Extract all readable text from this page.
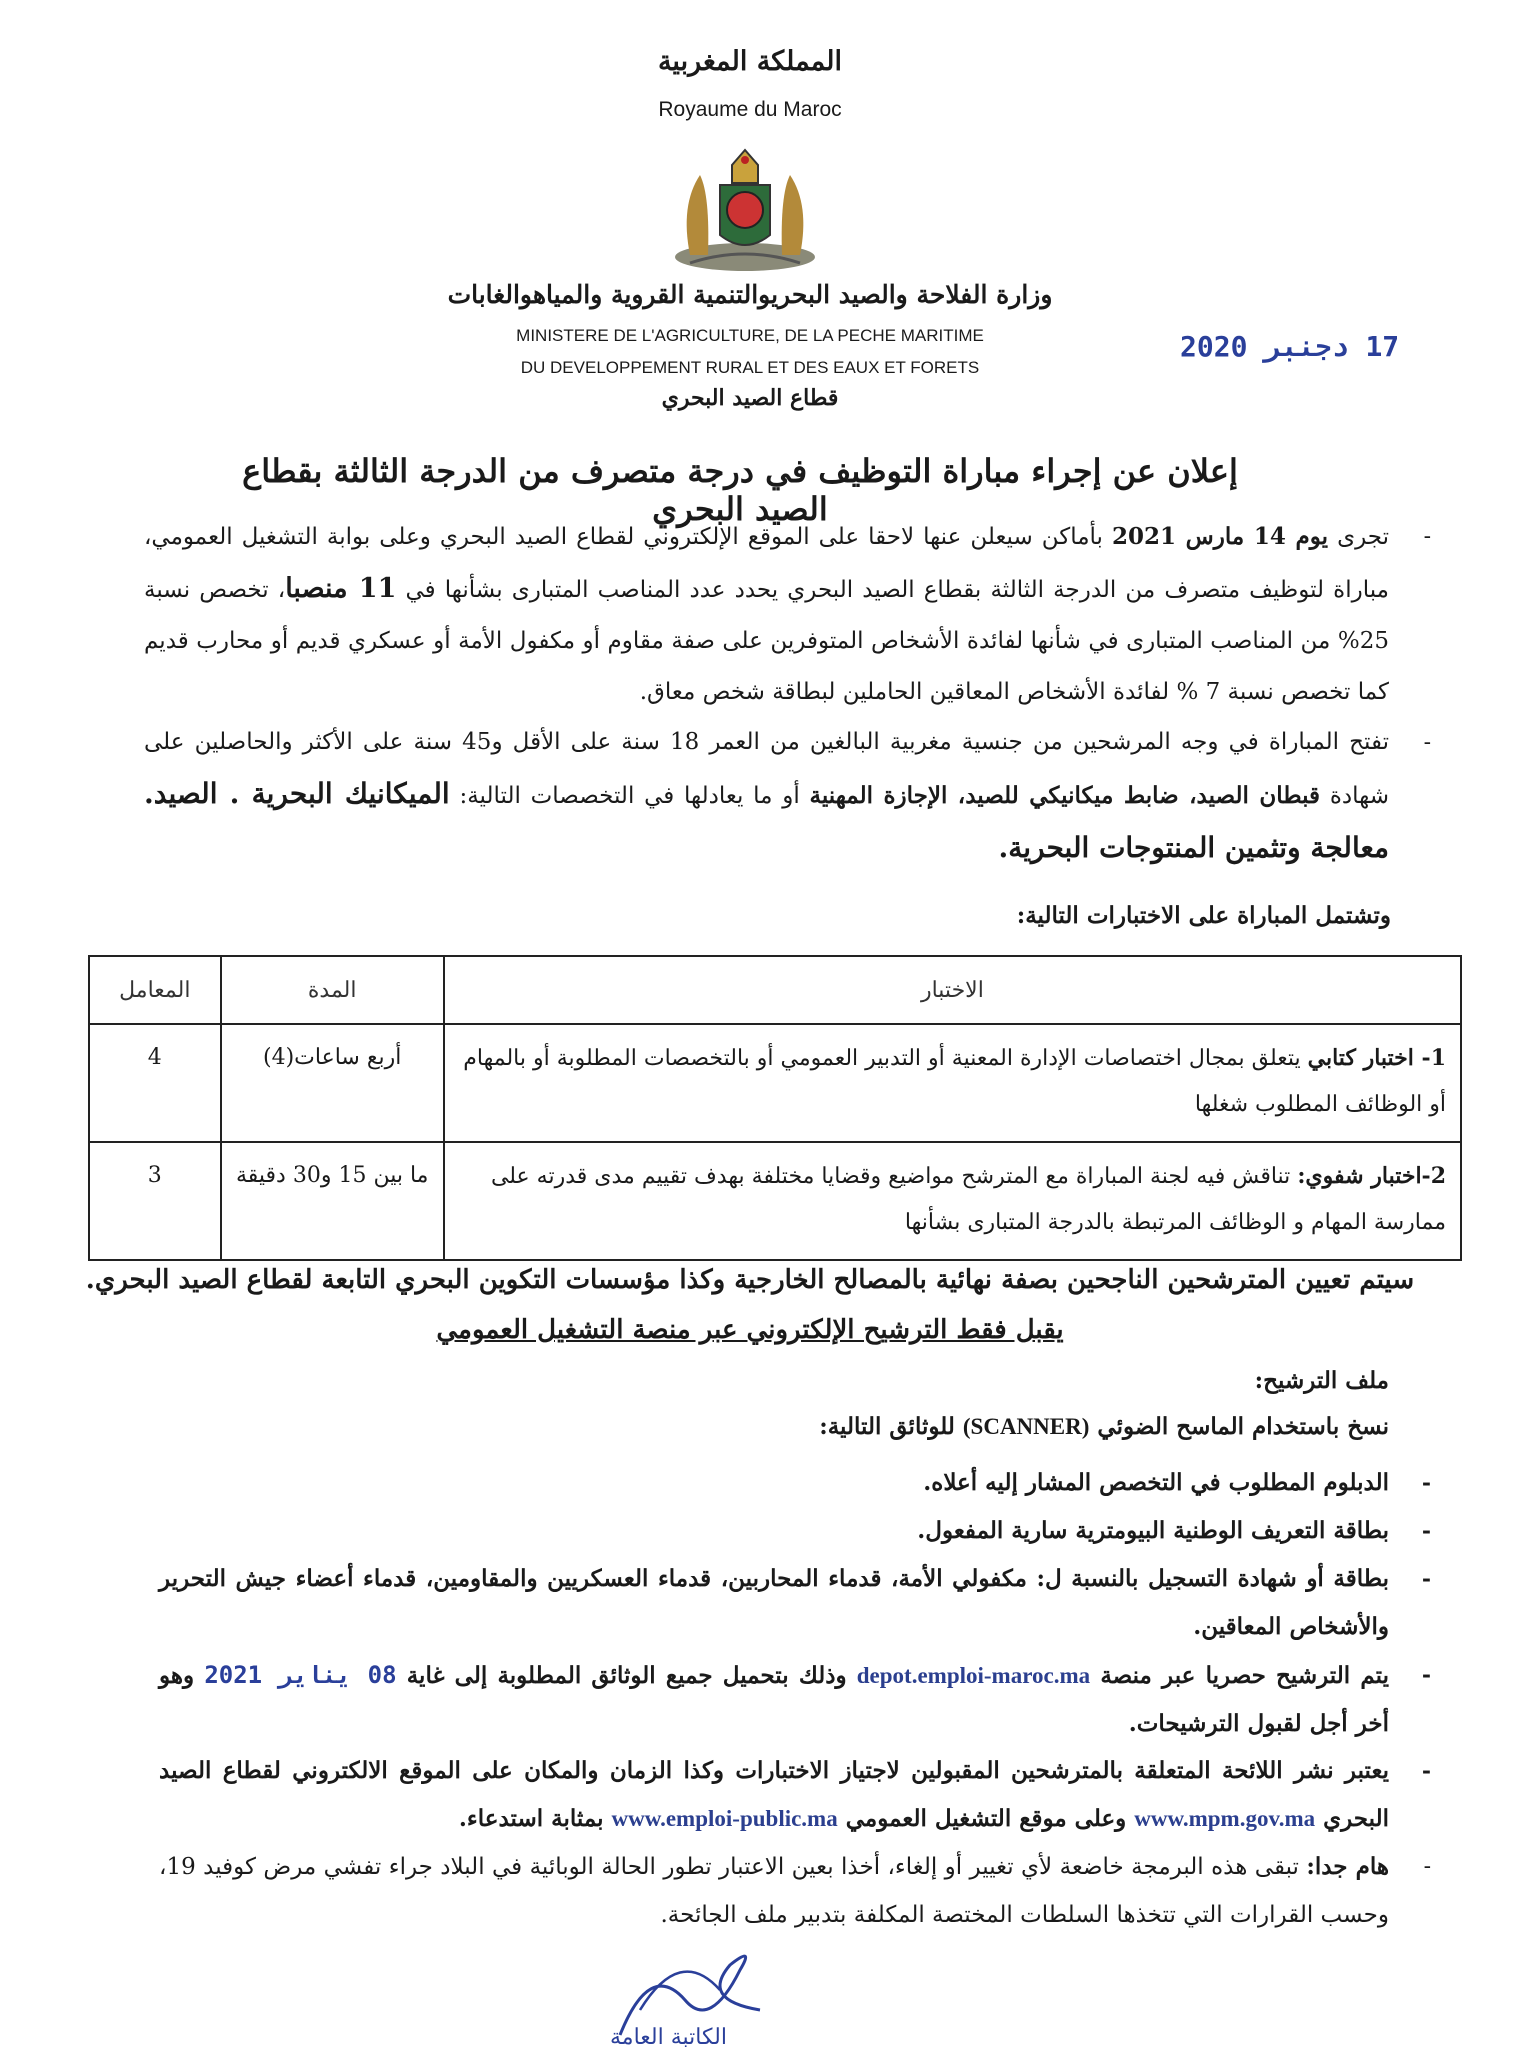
المملكة المغربية
Royaume du Maroc
وزارة الفلاحة والصيد البحريوالتنمية القروية والمياهوالغابات
MINISTERE DE L'AGRICULTURE, DE LA PECHE MARITIME
DU DEVELOPPEMENT RURAL ET DES EAUX ET FORETS
قطاع الصيد البحري
17 دجنبر 2020
إعلان عن إجراء مباراة التوظيف في درجة متصرف من الدرجة الثالثة بقطاع الصيد البحري
-
تجرى يوم 14 مارس 2021 بأماكن سيعلن عنها لاحقا على الموقع الإلكتروني لقطاع الصيد البحري وعلى بوابة التشغيل العمومي، مباراة لتوظيف متصرف من الدرجة الثالثة بقطاع الصيد البحري يحدد عدد المناصب المتبارى بشأنها في 11 منصبا، تخصص نسبة 25% من المناصب المتبارى في شأنها لفائدة الأشخاص المتوفرين على صفة مقاوم أو مكفول الأمة أو عسكري قديم أو محارب قديم كما تخصص نسبة 7 % لفائدة الأشخاص المعاقين الحاملين لبطاقة شخص معاق.
-
تفتح المباراة في وجه المرشحين من جنسية مغربية البالغين من العمر 18 سنة على الأقل و45 سنة على الأكثر والحاصلين على شهادة قبطان الصيد، ضابط ميكانيكي للصيد، الإجازة المهنية أو ما يعادلها في التخصصات التالية: الميكانيك البحرية . الصيد. معالجة وتثمين المنتوجات البحرية.
وتشتمل المباراة على الاختبارات التالية:
الاختبار	المدة	المعامل
1- اختبار كتابي يتعلق بمجال اختصاصات الإدارة المعنية أو التدبير العمومي أو بالتخصصات المطلوبة أو بالمهام أو الوظائف المطلوب شغلها	أربع ساعات(4)	4
2-اختبار شفوي: تناقش فيه لجنة المباراة مع المترشح مواضيع وقضايا مختلفة بهدف تقييم مدى قدرته على ممارسة المهام و الوظائف المرتبطة بالدرجة المتبارى بشأنها	ما بين 15 و30 دقيقة	3
سيتم تعيين المترشحين الناجحين بصفة نهائية بالمصالح الخارجية وكذا مؤسسات التكوين البحري التابعة لقطاع الصيد البحري.
يقبل فقط الترشيح الإلكتروني عبر منصة التشغيل العمومي
ملف الترشيح:
نسخ باستخدام الماسح الضوئي (SCANNER) للوثائق التالية:
-
الدبلوم المطلوب في التخصص المشار إليه أعلاه.
-
بطاقة التعريف الوطنية البيومترية سارية المفعول.
-
بطاقة أو شهادة التسجيل بالنسبة ل: مكفولي الأمة، قدماء المحاربين، قدماء العسكريين والمقاومين، قدماء أعضاء جيش التحرير والأشخاص المعاقين.
-
يتم الترشيح حصريا عبر منصة depot.emploi-maroc.ma وذلك بتحميل جميع الوثائق المطلوبة إلى غاية 08 يناير 2021 وهو أخر أجل لقبول الترشيحات.
-
يعتبر نشر اللائحة المتعلقة بالمترشحين المقبولين لاجتياز الاختبارات وكذا الزمان والمكان على الموقع الالكتروني لقطاع الصيد البحري www.mpm.gov.ma وعلى موقع التشغيل العمومي www.emploi-public.ma بمثابة استدعاء.
-
هام جدا: تبقى هذه البرمجة خاضعة لأي تغيير أو إلغاء، أخذا بعين الاعتبار تطور الحالة الوبائية في البلاد جراء تفشي مرض كوفيد 19، وحسب القرارات التي تتخذها السلطات المختصة المكلفة بتدبير ملف الجائحة.
الكاتبة العامة
